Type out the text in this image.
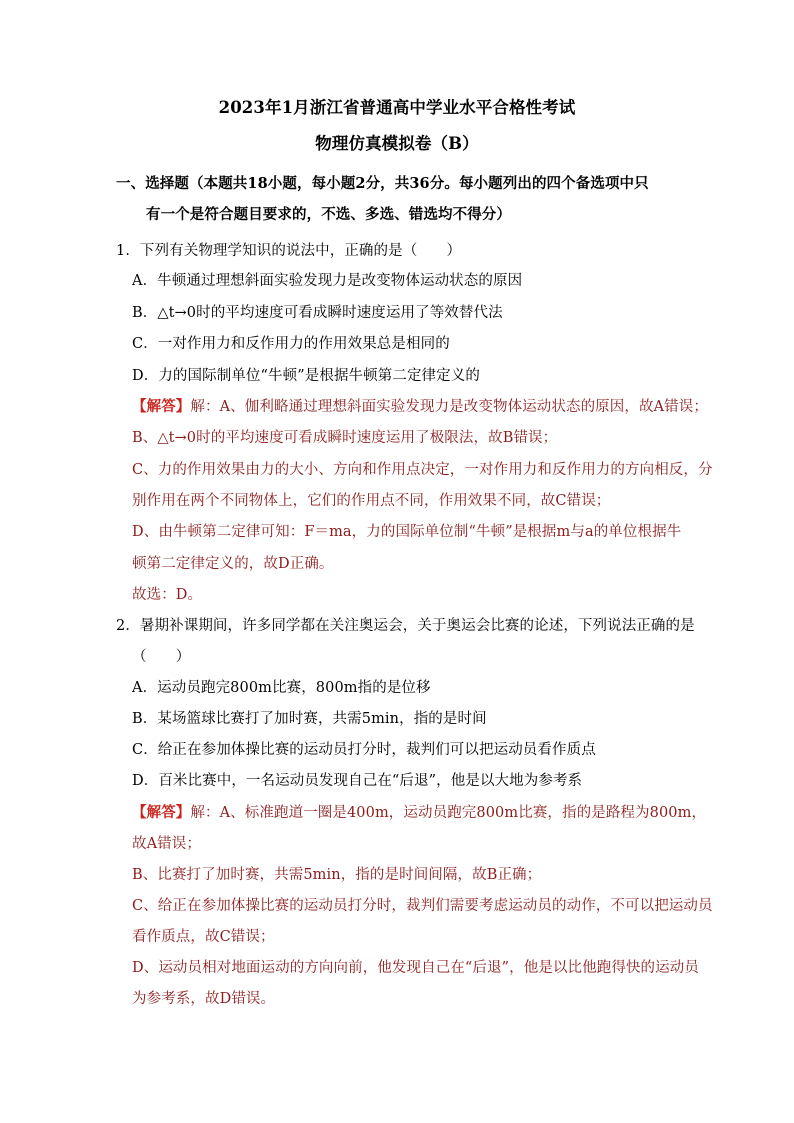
2023年1月浙江省普通高中学业水平合格性考试
物理仿真模拟卷（B）
一、选择题（本题共18小题，每小题2分，共36分。每小题列出的四个备选项中只
有一个是符合题目要求的，不选、多选、错选均不得分）
1．下列有关物理学知识的说法中，正确的是（　　）
A．牛顿通过理想斜面实验发现力是改变物体运动状态的原因
B．△t→0时的平均速度可看成瞬时速度运用了等效替代法
C．一对作用力和反作用力的作用效果总是相同的
D．力的国际制单位“牛顿”是根据牛顿第二定律定义的
【解答】解：A、伽利略通过理想斜面实验发现力是改变物体运动状态的原因，故A错误；
B、△t→0时的平均速度可看成瞬时速度运用了极限法，故B错误；
C、力的作用效果由力的大小、方向和作用点决定，一对作用力和反作用力的方向相反，分
别作用在两个不同物体上，它们的作用点不同，作用效果不同，故C错误；
D、由牛顿第二定律可知：F＝ma，力的国际单位制“牛顿”是根据m与a的单位根据牛
顿第二定律定义的，故D正确。
故选：D。
2．暑期补课期间，许多同学都在关注奥运会，关于奥运会比赛的论述，下列说法正确的是
（　　）
A．运动员跑完800m比赛，800m指的是位移
B．某场篮球比赛打了加时赛，共需5min，指的是时间
C．给正在参加体操比赛的运动员打分时，裁判们可以把运动员看作质点
D．百米比赛中，一名运动员发现自己在“后退”，他是以大地为参考系
【解答】解：A、标准跑道一圈是400m，运动员跑完800m比赛，指的是路程为800m，
故A错误；
B、比赛打了加时赛，共需5min，指的是时间间隔，故B正确；
C、给正在参加体操比赛的运动员打分时，裁判们需要考虑运动员的动作，不可以把运动员
看作质点，故C错误；
D、运动员相对地面运动的方向向前，他发现自己在“后退”，他是以比他跑得快的运动员
为参考系，故D错误。
